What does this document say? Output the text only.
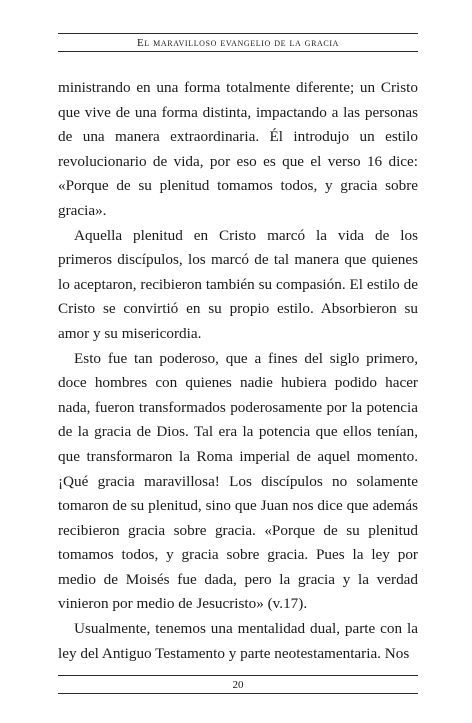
El maravilloso evangelio de la gracia

ministrando en una forma totalmente diferente; un Cristo que vive de una forma distinta, impactando a las personas de una manera extraordinaria. Él introdujo un estilo revolucionario de vida, por eso es que el verso 16 dice: «Porque de su plenitud tomamos todos, y gracia sobre gracia».

Aquella plenitud en Cristo marcó la vida de los primeros discípulos, los marcó de tal manera que quienes lo aceptaron, recibieron también su compasión. El estilo de Cristo se convirtió en su propio estilo. Absorbieron su amor y su misericordia.

Esto fue tan poderoso, que a fines del siglo primero, doce hombres con quienes nadie hubiera podido hacer nada, fueron transformados poderosamente por la potencia de la gracia de Dios. Tal era la potencia que ellos tenían, que transformaron la Roma imperial de aquel momento. ¡Qué gracia maravillosa! Los discípulos no solamente tomaron de su plenitud, sino que Juan nos dice que además recibieron gracia sobre gracia. «Porque de su plenitud tomamos todos, y gracia sobre gracia. Pues la ley por medio de Moisés fue dada, pero la gracia y la verdad vinieron por medio de Jesucristo» (v.17).

Usualmente, tenemos una mentalidad dual, parte con la ley del Antiguo Testamento y parte neotestamentaria. Nos

20
